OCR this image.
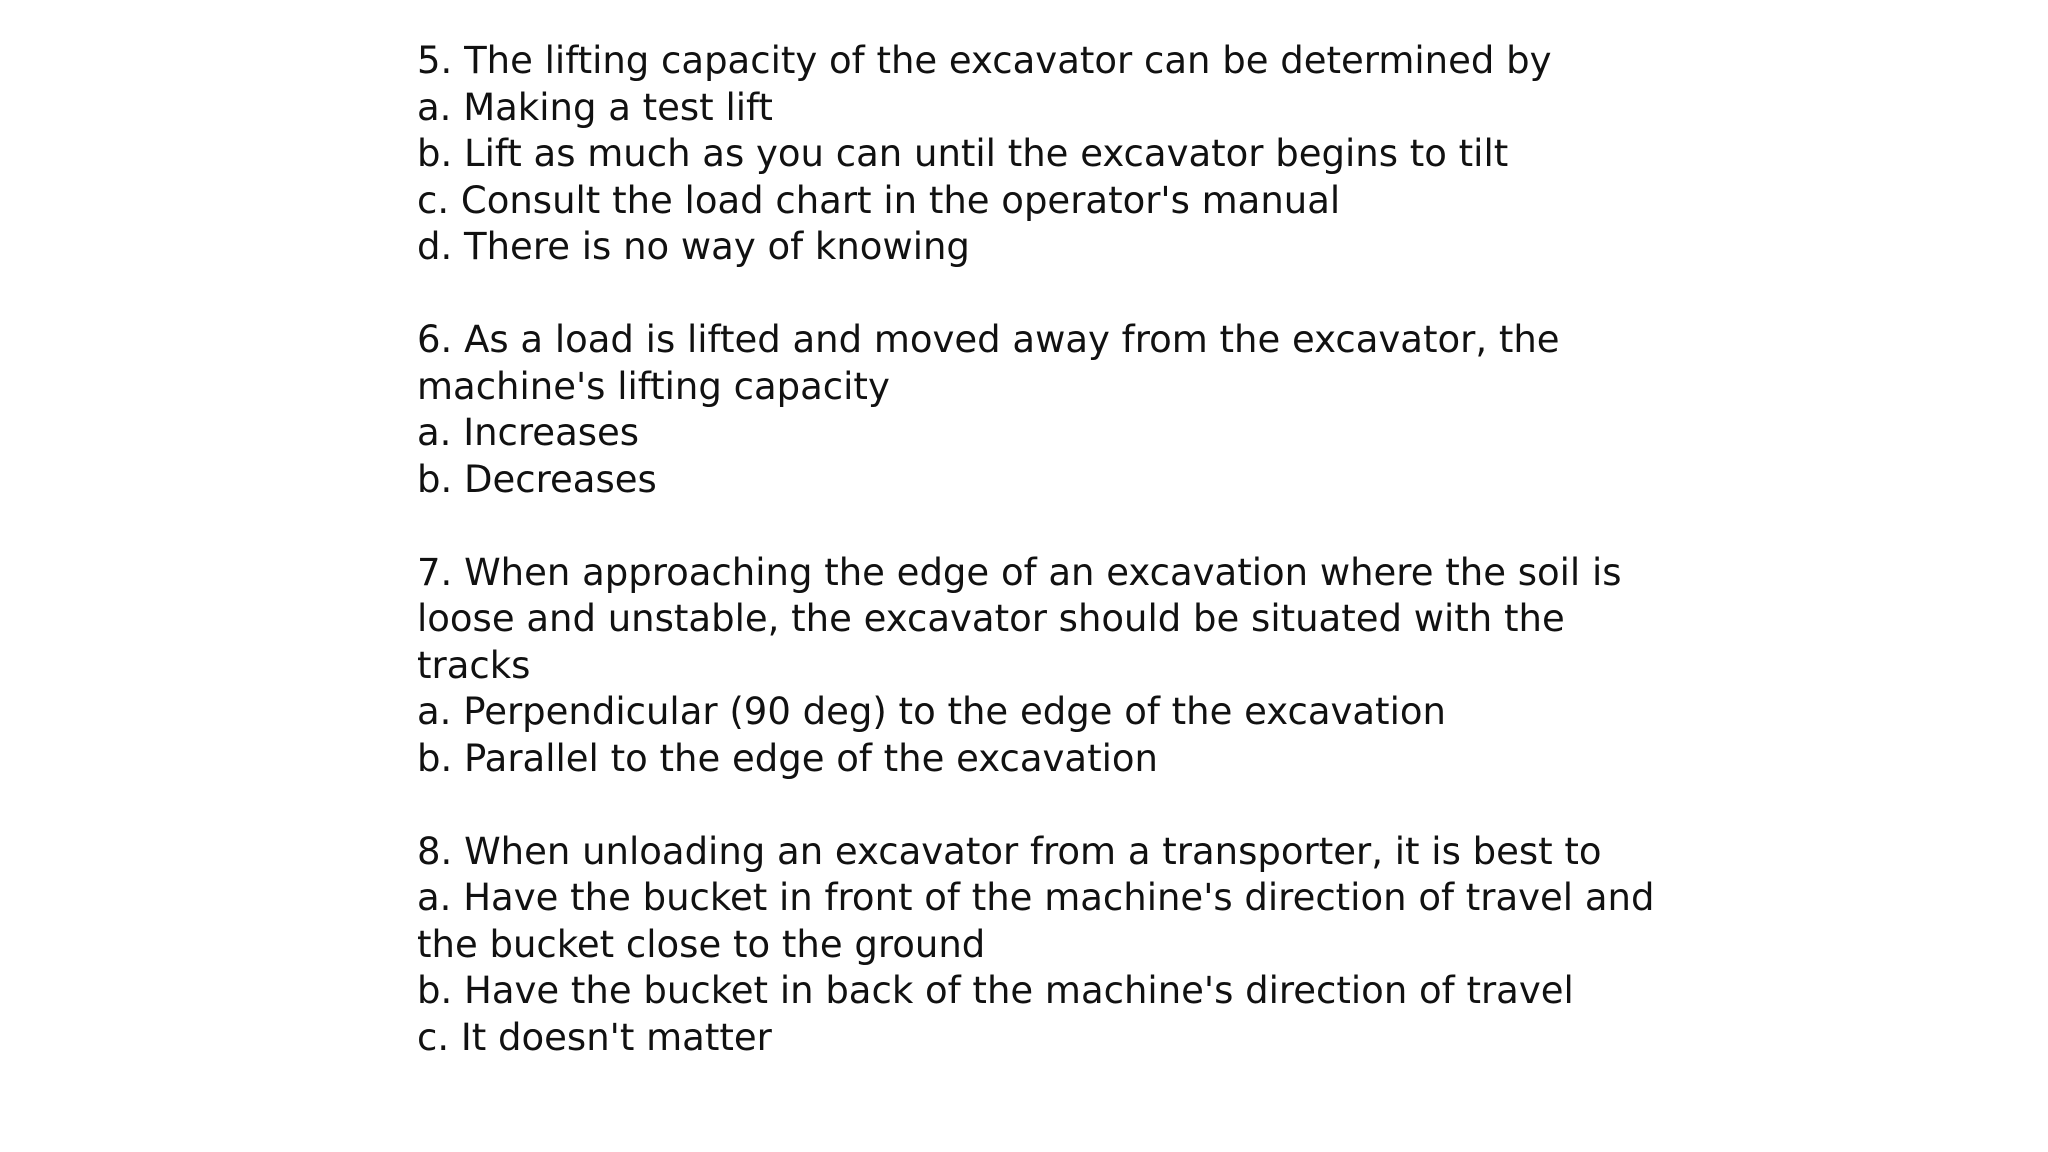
5. The lifting capacity of the excavator can be determined by
a. Making a test lift
b. Lift as much as you can until the excavator begins to tilt
c. Consult the load chart in the operator's manual
d. There is no way of knowing
6. As a load is lifted and moved away from the excavator, the machine's lifting capacity
a. Increases
b. Decreases
7. When approaching the edge of an excavation where the soil is loose and unstable, the excavator should be situated with the tracks
a. Perpendicular (90 deg) to the edge of the excavation
b. Parallel to the edge of the excavation
8. When unloading an excavator from a transporter, it is best to
a. Have the bucket in front of the machine's direction of travel and the bucket close to the ground
b. Have the bucket in back of the machine's direction of travel
c. It doesn't matter
